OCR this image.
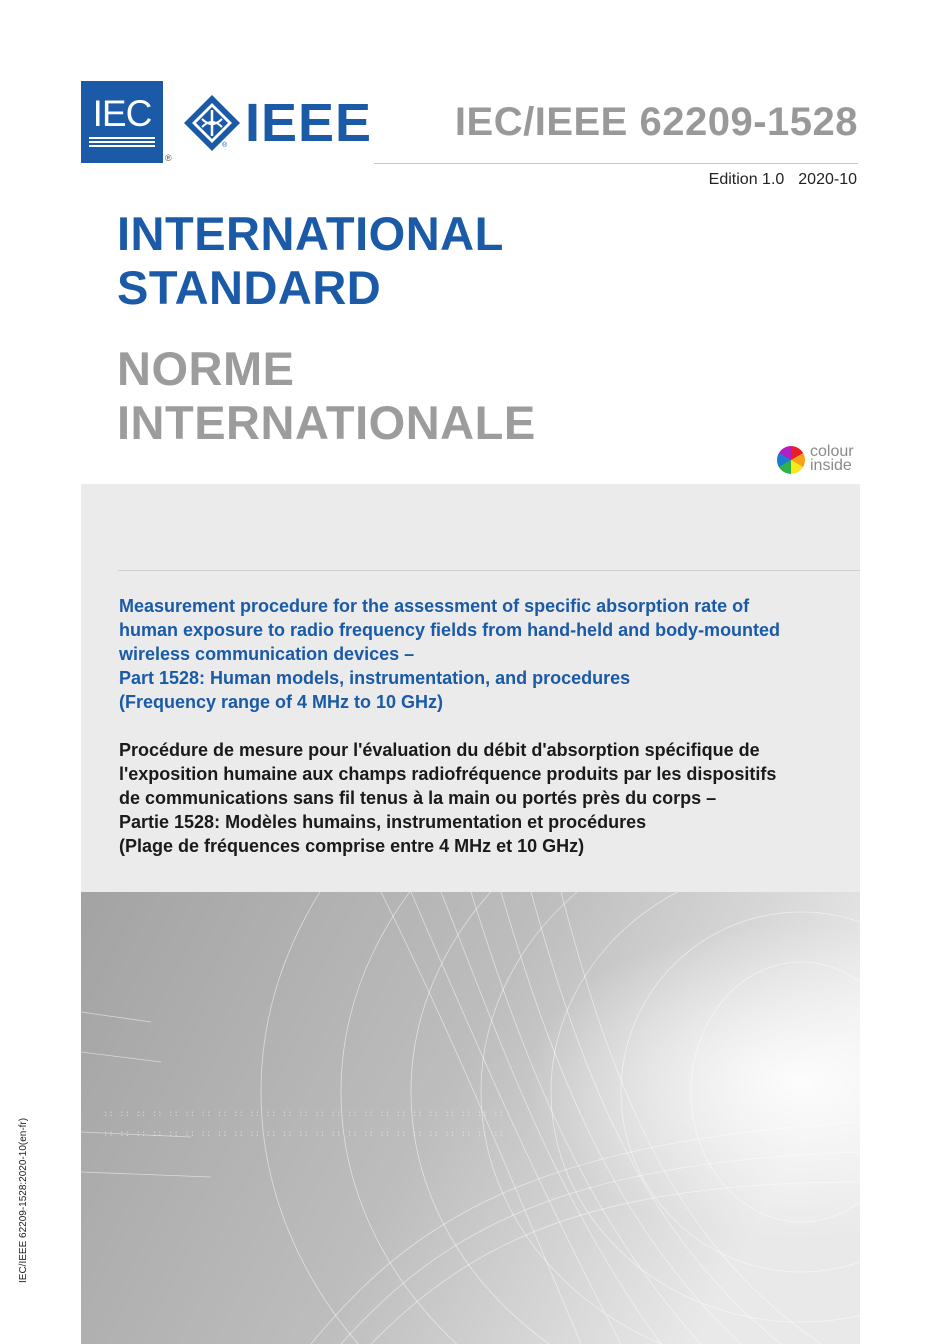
IEC
®
IEEE
®
IEC/IEEE 62209-1528
Edition 1.0 2020-10
INTERNATIONAL
STANDARD
NORME
INTERNATIONALE
colour
inside
Measurement procedure for the assessment of specific absorption rate of
human exposure to radio frequency fields from hand-held and body-mounted
wireless communication devices –
Part 1528: Human models, instrumentation, and procedures
(Frequency range of 4 MHz to 10 GHz)
Procédure de mesure pour l'évaluation du débit d'absorption spécifique de
l'exposition humaine aux champs radiofréquence produits par les dispositifs
de communications sans fil tenus à la main ou portés près du corps –
Partie 1528: Modèles humains, instrumentation et procédures
(Plage de fréquences comprise entre 4 MHz et 10 GHz)
:: :: :: :: :: :: :: :: :: :: :: :: :: :: :: :: :: :: :: :: :: :: :: :: ::
:: :: :: :: :: :: :: :: :: :: :: :: :: :: :: :: :: :: :: :: :: :: :: :: ::
IEC/IEEE 62209-1528:2020-10(en-fr)
